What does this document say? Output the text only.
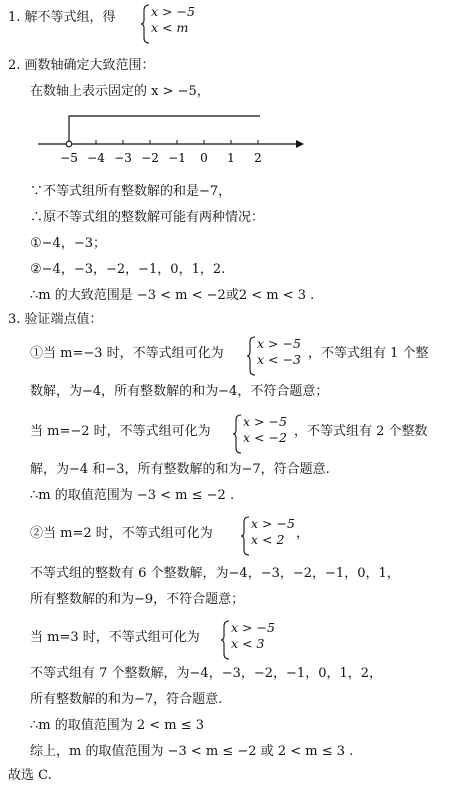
1. 解不等式组，得	x > −5
x < m
2. 画数轴确定大致范围：
在数轴上表示固定的 x > −5，
−5 −4 −3 −2 −1 0 1 2
∵不等式组所有整数解的和是−7，
∴原不等式组的整数解可能有两种情况：
①−4，−3；
②−4，−3，−2，−1，0，1，2.
∴m 的大致范围是 −3 < m < −2或2 < m < 3 .
3. 验证端点值：
①当 m=−3 时，不等式组可化为
x > −5
x < −3 ，不等式组有 1 个整
数解，为−4，所有整数解的和为−4，不符合题意；
当 m=−2 时，不等式组可化为
x > −5
x < −2 ，不等式组有 2 个整数
解，为−4 和−3，所有整数解的和为−7，符合题意.
∴m 的取值范围为 −3 < m ≤ −2 .
②当 m=2 时，不等式组可化为
x > −5
x < 2 ，
不等式组的整数有 6 个整数解，为−4，−3，−2，−1，0，1，
所有整数解的和为−9，不符合题意；
当 m=3 时，不等式组可化为
x > −5
x < 3
不等式组有 7 个整数解，为−4，−3，−2，−1，0，1，2，
所有整数解的和为−7，符合题意.
∴m 的取值范围为 2 < m ≤ 3
综上，m 的取值范围为 −3 < m ≤ −2 或 2 < m ≤ 3 .
故选 C.
